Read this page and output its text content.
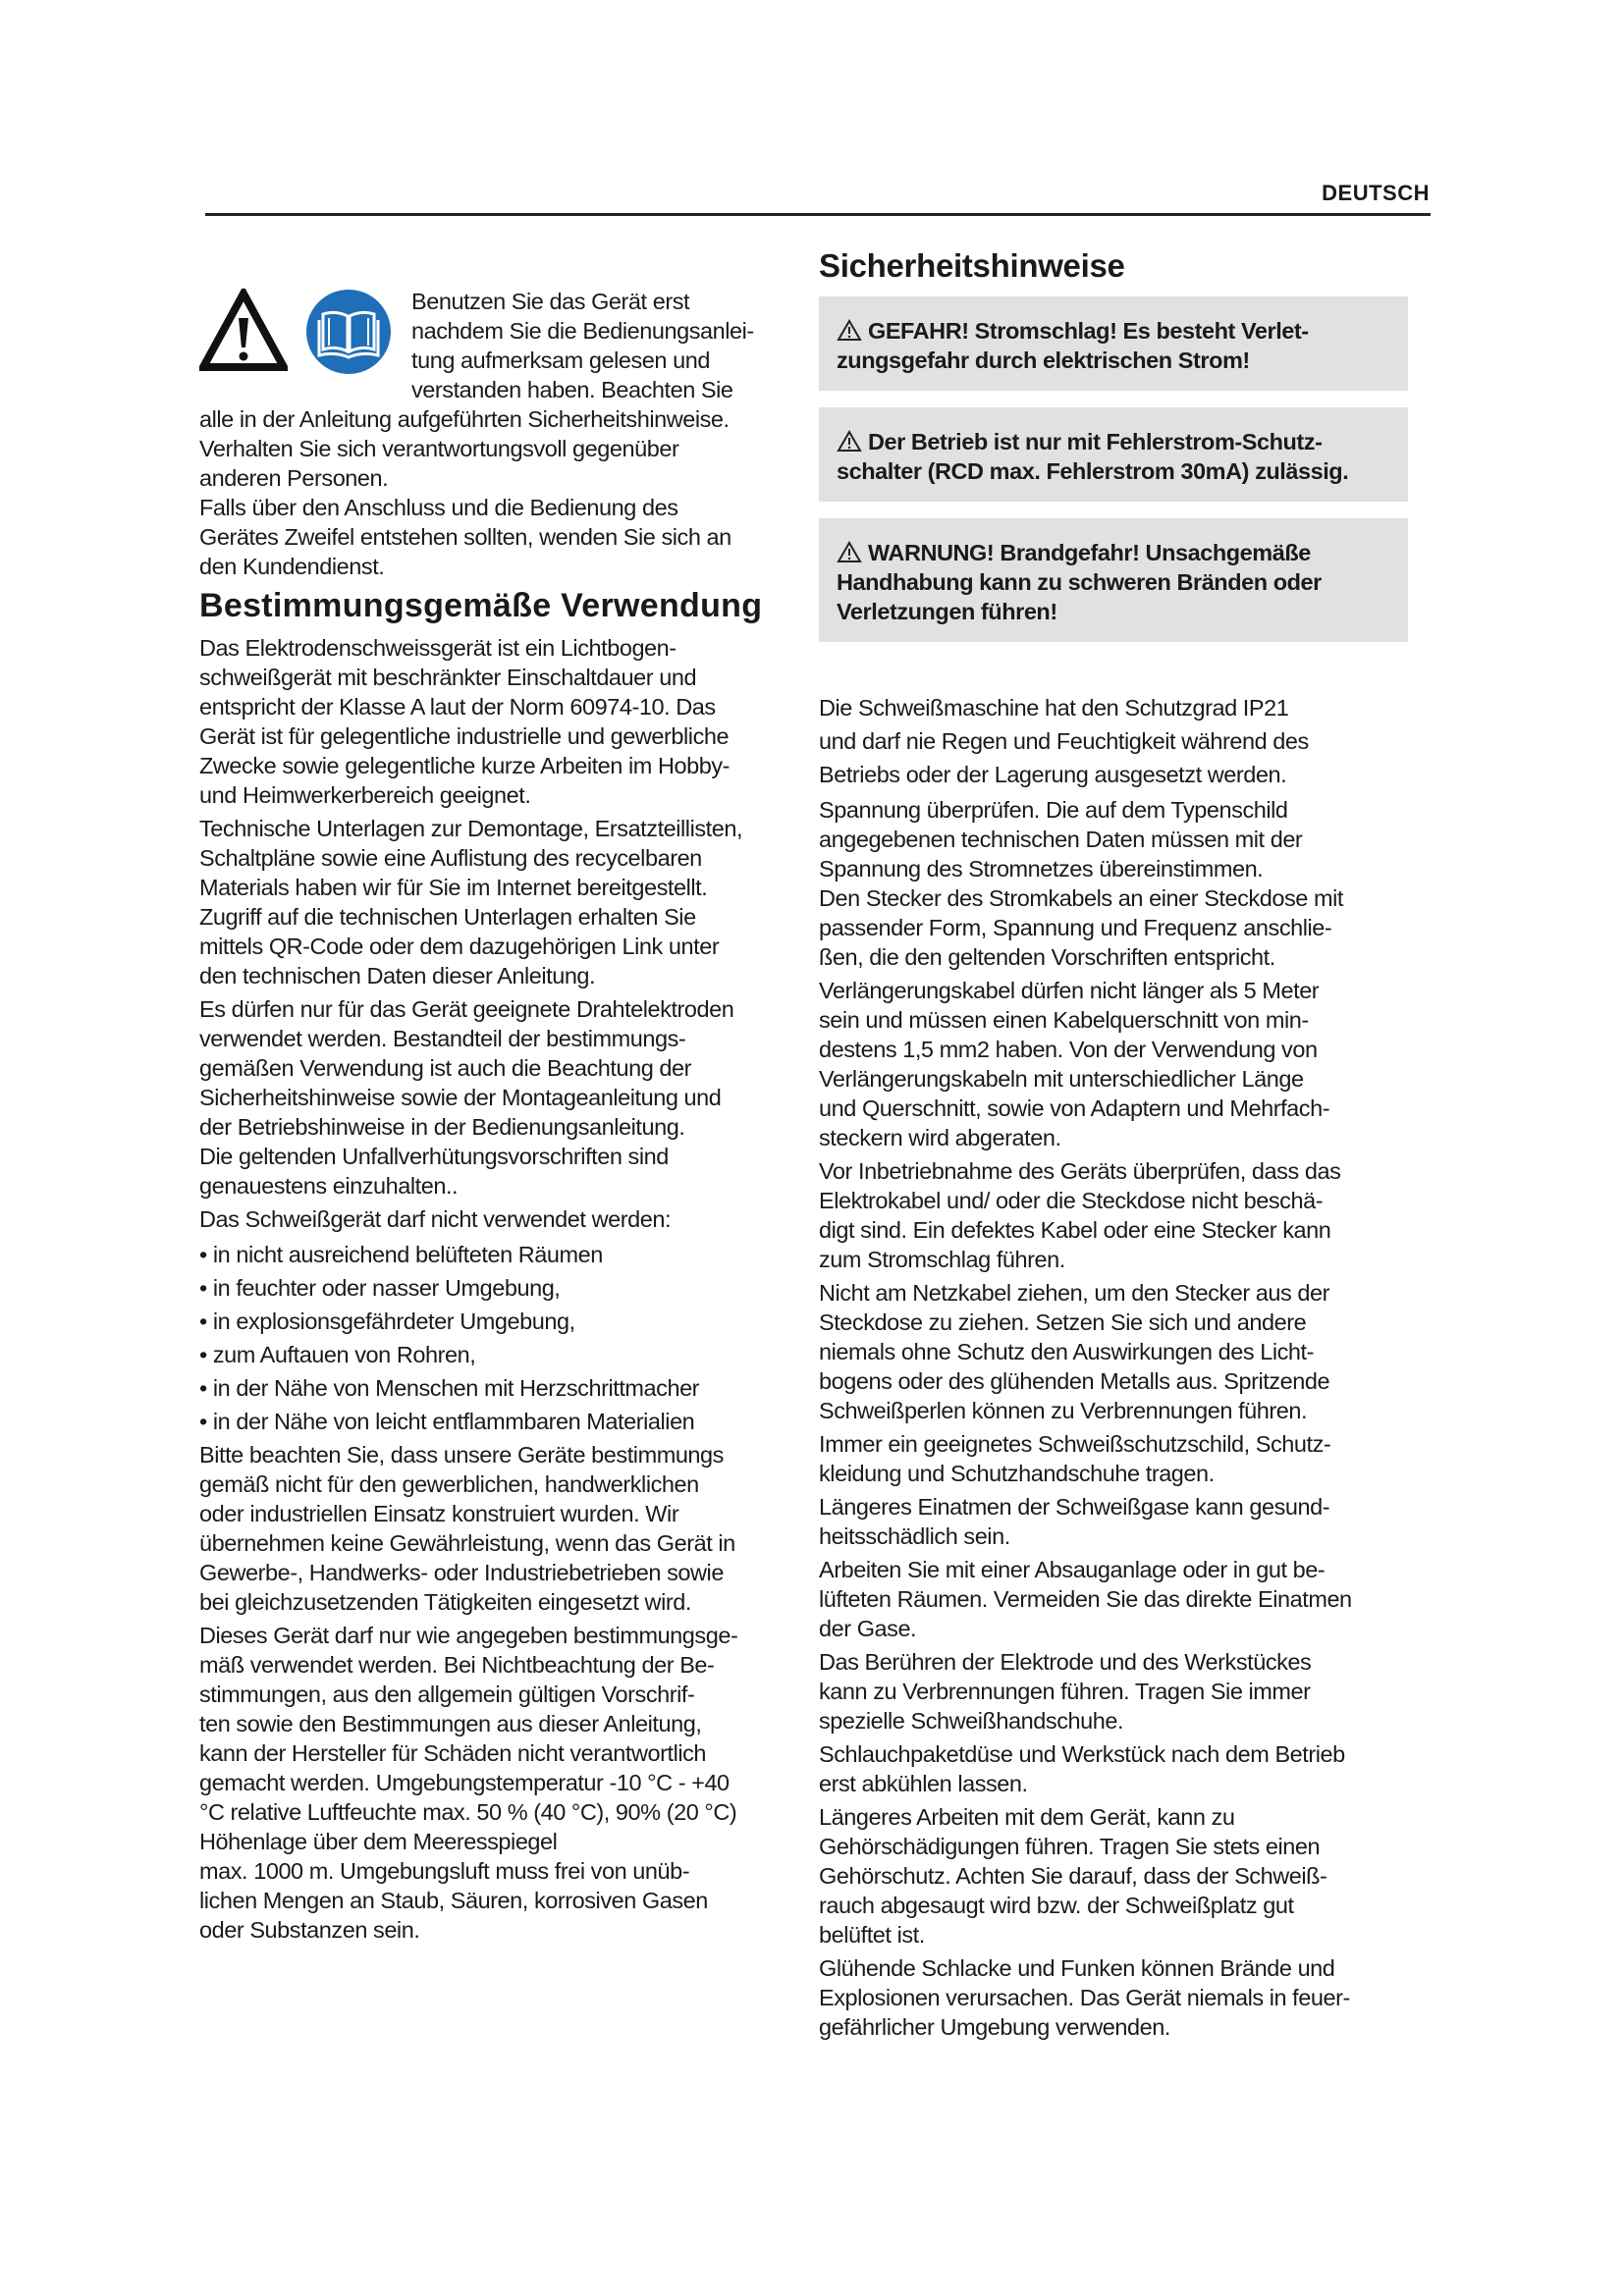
DEUTSCH

Benutzen Sie das Gerät erst
nachdem Sie die Bedienungsanlei-
tung aufmerksam gelesen und
verstanden haben. Beachten Sie

alle in der Anleitung aufgeführten Sicherheitshinweise.
Verhalten Sie sich verantwortungsvoll gegenüber
anderen Personen.
Falls über den Anschluss und die Bedienung des
Gerätes Zweifel entstehen sollten, wenden Sie sich an
den Kundendienst.

Bestimmungsgemäße Verwendung

Das Elektrodenschweissgerät ist ein Lichtbogen-
schweißgerät mit beschränkter Einschaltdauer und
entspricht der Klasse A laut der Norm 60974-10. Das
Gerät ist für gelegentliche industrielle und gewerbliche
Zwecke sowie gelegentliche kurze Arbeiten im Hobby-
und Heimwerkerbereich geeignet.

Technische Unterlagen zur Demontage, Ersatzteillisten,
Schaltpläne sowie eine Auflistung des recycelbaren
Materials haben wir für Sie im Internet bereitgestellt.
Zugriff auf die technischen Unterlagen erhalten Sie
mittels QR-Code oder dem dazugehörigen Link unter
den technischen Daten dieser Anleitung.

Es dürfen nur für das Gerät geeignete Drahtelektroden
verwendet werden. Bestandteil der bestimmungs-
gemäßen Verwendung ist auch die Beachtung der
Sicherheitshinweise sowie der Montageanleitung und
der Betriebshinweise in der Bedienungsanleitung.
Die geltenden Unfallverhütungsvorschriften sind
genauestens einzuhalten..

Das Schweißgerät darf nicht verwendet werden:

• in nicht ausreichend belüfteten Räumen
• in feuchter oder nasser Umgebung,
• in explosionsgefährdeter Umgebung,
• zum Auftauen von Rohren,
• in der Nähe von Menschen mit Herzschrittmacher
• in der Nähe von leicht entflammbaren Materialien

Bitte beachten Sie, dass unsere Geräte bestimmungs
gemäß nicht für den gewerblichen, handwerklichen
oder industriellen Einsatz konstruiert wurden. Wir
übernehmen keine Gewährleistung, wenn das Gerät in
Gewerbe-, Handwerks- oder Industriebetrieben sowie
bei gleichzusetzenden Tätigkeiten eingesetzt wird.

Dieses Gerät darf nur wie angegeben bestimmungsge-
mäß verwendet werden. Bei Nichtbeachtung der Be-
stimmungen, aus den allgemein gültigen Vorschrif-
ten sowie den Bestimmungen aus dieser Anleitung,
kann der Hersteller für Schäden nicht verantwortlich
gemacht werden. Umgebungstemperatur -10 °C - +40
°C relative Luftfeuchte max. 50 % (40 °C), 90% (20 °C)
Höhenlage über dem Meeresspiegel
max. 1000 m. Umgebungsluft muss frei von unüb-
lichen Mengen an Staub, Säuren, korrosiven Gasen
oder Substanzen sein.

Sicherheitshinweise
GEFAHR! Stromschlag! Es besteht Verlet-
zungsgefahr durch elektrischen Strom!
Der Betrieb ist nur mit Fehlerstrom-Schutz-
schalter (RCD max. Fehlerstrom 30mA) zulässig.
WARNUNG! Brandgefahr! Unsachgemäße
Handhabung kann zu schweren Bränden oder
Verletzungen führen!

Die Schweißmaschine hat den Schutzgrad IP21
und darf nie Regen und Feuchtigkeit während des
Betriebs oder der Lagerung ausgesetzt werden.

Spannung überprüfen. Die auf dem Typenschild
angegebenen technischen Daten müssen mit der
Spannung des Stromnetzes übereinstimmen.
Den Stecker des Stromkabels an einer Steckdose mit
passender Form, Spannung und Frequenz anschlie-
ßen, die den geltenden Vorschriften entspricht.

Verlängerungskabel dürfen nicht länger als 5 Meter
sein und müssen einen Kabelquerschnitt von min-
destens 1,5 mm2 haben. Von der Verwendung von
Verlängerungskabeln mit unterschiedlicher Länge
und Querschnitt, sowie von Adaptern und Mehrfach-
steckern wird abgeraten.

Vor Inbetriebnahme des Geräts überprüfen, dass das
Elektrokabel und/ oder die Steckdose nicht beschä-
digt sind. Ein defektes Kabel oder eine Stecker kann
zum Stromschlag führen.

Nicht am Netzkabel ziehen, um den Stecker aus der
Steckdose zu ziehen. Setzen Sie sich und andere
niemals ohne Schutz den Auswirkungen des Licht-
bogens oder des glühenden Metalls aus. Spritzende
Schweißperlen können zu Verbrennungen führen.

Immer ein geeignetes Schweißschutzschild, Schutz-
kleidung und Schutzhandschuhe tragen.

Längeres Einatmen der Schweißgase kann gesund-
heitsschädlich sein.

Arbeiten Sie mit einer Absauganlage oder in gut be-
lüfteten Räumen. Vermeiden Sie das direkte Einatmen
der Gase.

Das Berühren der Elektrode und des Werkstückes
kann zu Verbrennungen führen. Tragen Sie immer
spezielle Schweißhandschuhe.

Schlauchpaketdüse und Werkstück nach dem Betrieb
erst abkühlen lassen.

Längeres Arbeiten mit dem Gerät, kann zu
Gehörschädigungen führen. Tragen Sie stets einen
Gehörschutz. Achten Sie darauf, dass der Schweiß-
rauch abgesaugt wird bzw. der Schweißplatz gut
belüftet ist.

Glühende Schlacke und Funken können Brände und
Explosionen verursachen. Das Gerät niemals in feuer-
gefährlicher Umgebung verwenden.
